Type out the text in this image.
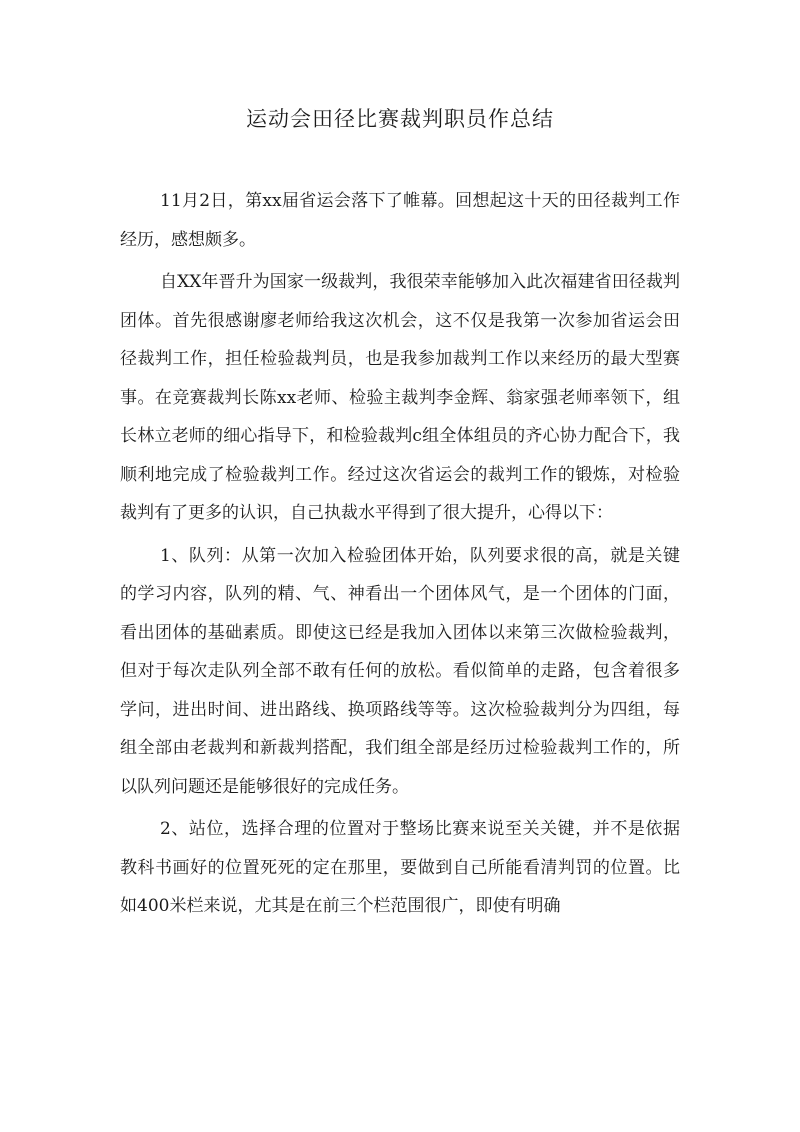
运动会田径比赛裁判职员作总结

11月2日，第xx届省运会落下了帷幕。回想起这十天的田径裁判工作经历，感想颇多。

自XX年晋升为国家一级裁判，我很荣幸能够加入此次福建省田径裁判团体。首先很感谢廖老师给我这次机会，这不仅是我第一次参加省运会田径裁判工作，担任检验裁判员，也是我参加裁判工作以来经历的最大型赛事。在竞赛裁判长陈xx老师、检验主裁判李金辉、翁家强老师率领下，组长林立老师的细心指导下，和检验裁判c组全体组员的齐心协力配合下，我顺利地完成了检验裁判工作。经过这次省运会的裁判工作的锻炼，对检验裁判有了更多的认识，自己执裁水平得到了很大提升，心得以下：

1、队列：从第一次加入检验团体开始，队列要求很的高，就是关键的学习内容，队列的精、气、神看出一个团体风气，是一个团体的门面，看出团体的基础素质。即使这已经是我加入团体以来第三次做检验裁判，但对于每次走队列全部不敢有任何的放松。看似简单的走路，包含着很多学问，进出时间、进出路线、换项路线等等。这次检验裁判分为四组，每组全部由老裁判和新裁判搭配，我们组全部是经历过检验裁判工作的，所以队列问题还是能够很好的完成任务。

2、站位，选择合理的位置对于整场比赛来说至关关键，并不是依据教科书画好的位置死死的定在那里，要做到自己所能看清判罚的位置。比如400米栏来说，尤其是在前三个栏范围很广，即使有明确
